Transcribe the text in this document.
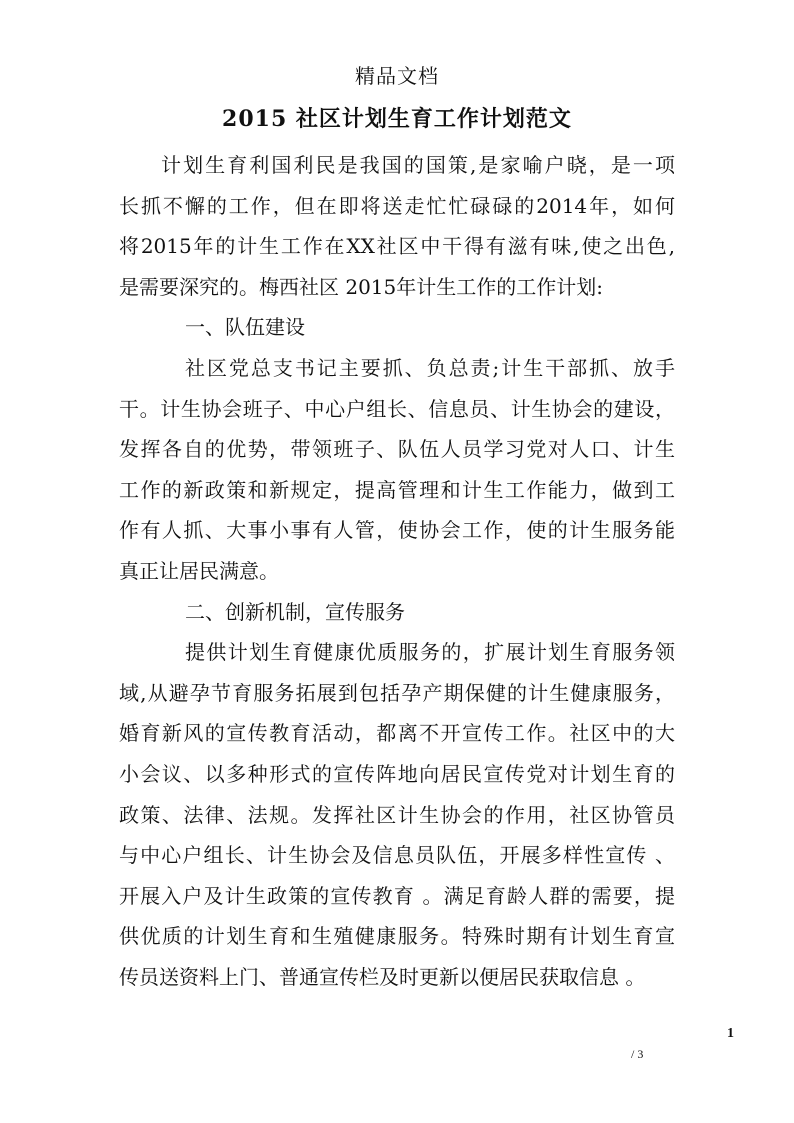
精品文档
2015 社区计划生育工作计划范文
计划生育利国利民是我国的国策,是家喻户晓，是一项
长抓不懈的工作，但在即将送走忙忙碌碌的2014年，如何
将2015年的计生工作在XX社区中干得有滋有味,使之出色,
是需要深究的。梅西社区 2015年计生工作的工作计划:
一、队伍建设
社区党总支书记主要抓、负总责;计生干部抓、放手
干。计生协会班子、中心户组长、信息员、计生协会的建设，
发挥各自的优势，带领班子、队伍人员学习党对人口、计生
工作的新政策和新规定，提高管理和计生工作能力，做到工
作有人抓、大事小事有人管，使协会工作，使的计生服务能
真正让居民满意。
二、创新机制，宣传服务
提供计划生育健康优质服务的，扩展计划生育服务领
域,从避孕节育服务拓展到包括孕产期保健的计生健康服务，
婚育新风的宣传教育活动，都离不开宣传工作。社区中的大
小会议、以多种形式的宣传阵地向居民宣传党对计划生育的
政策、法律、法规。发挥社区计生协会的作用，社区协管员
与中心户组长、计生协会及信息员队伍，开展多样性宣传 、
开展入户及计生政策的宣传教育 。满足育龄人群的需要，提
供优质的计划生育和生殖健康服务。特殊时期有计划生育宣
传员送资料上门、普通宣传栏及时更新以便居民获取信息 。
1
/ 3
